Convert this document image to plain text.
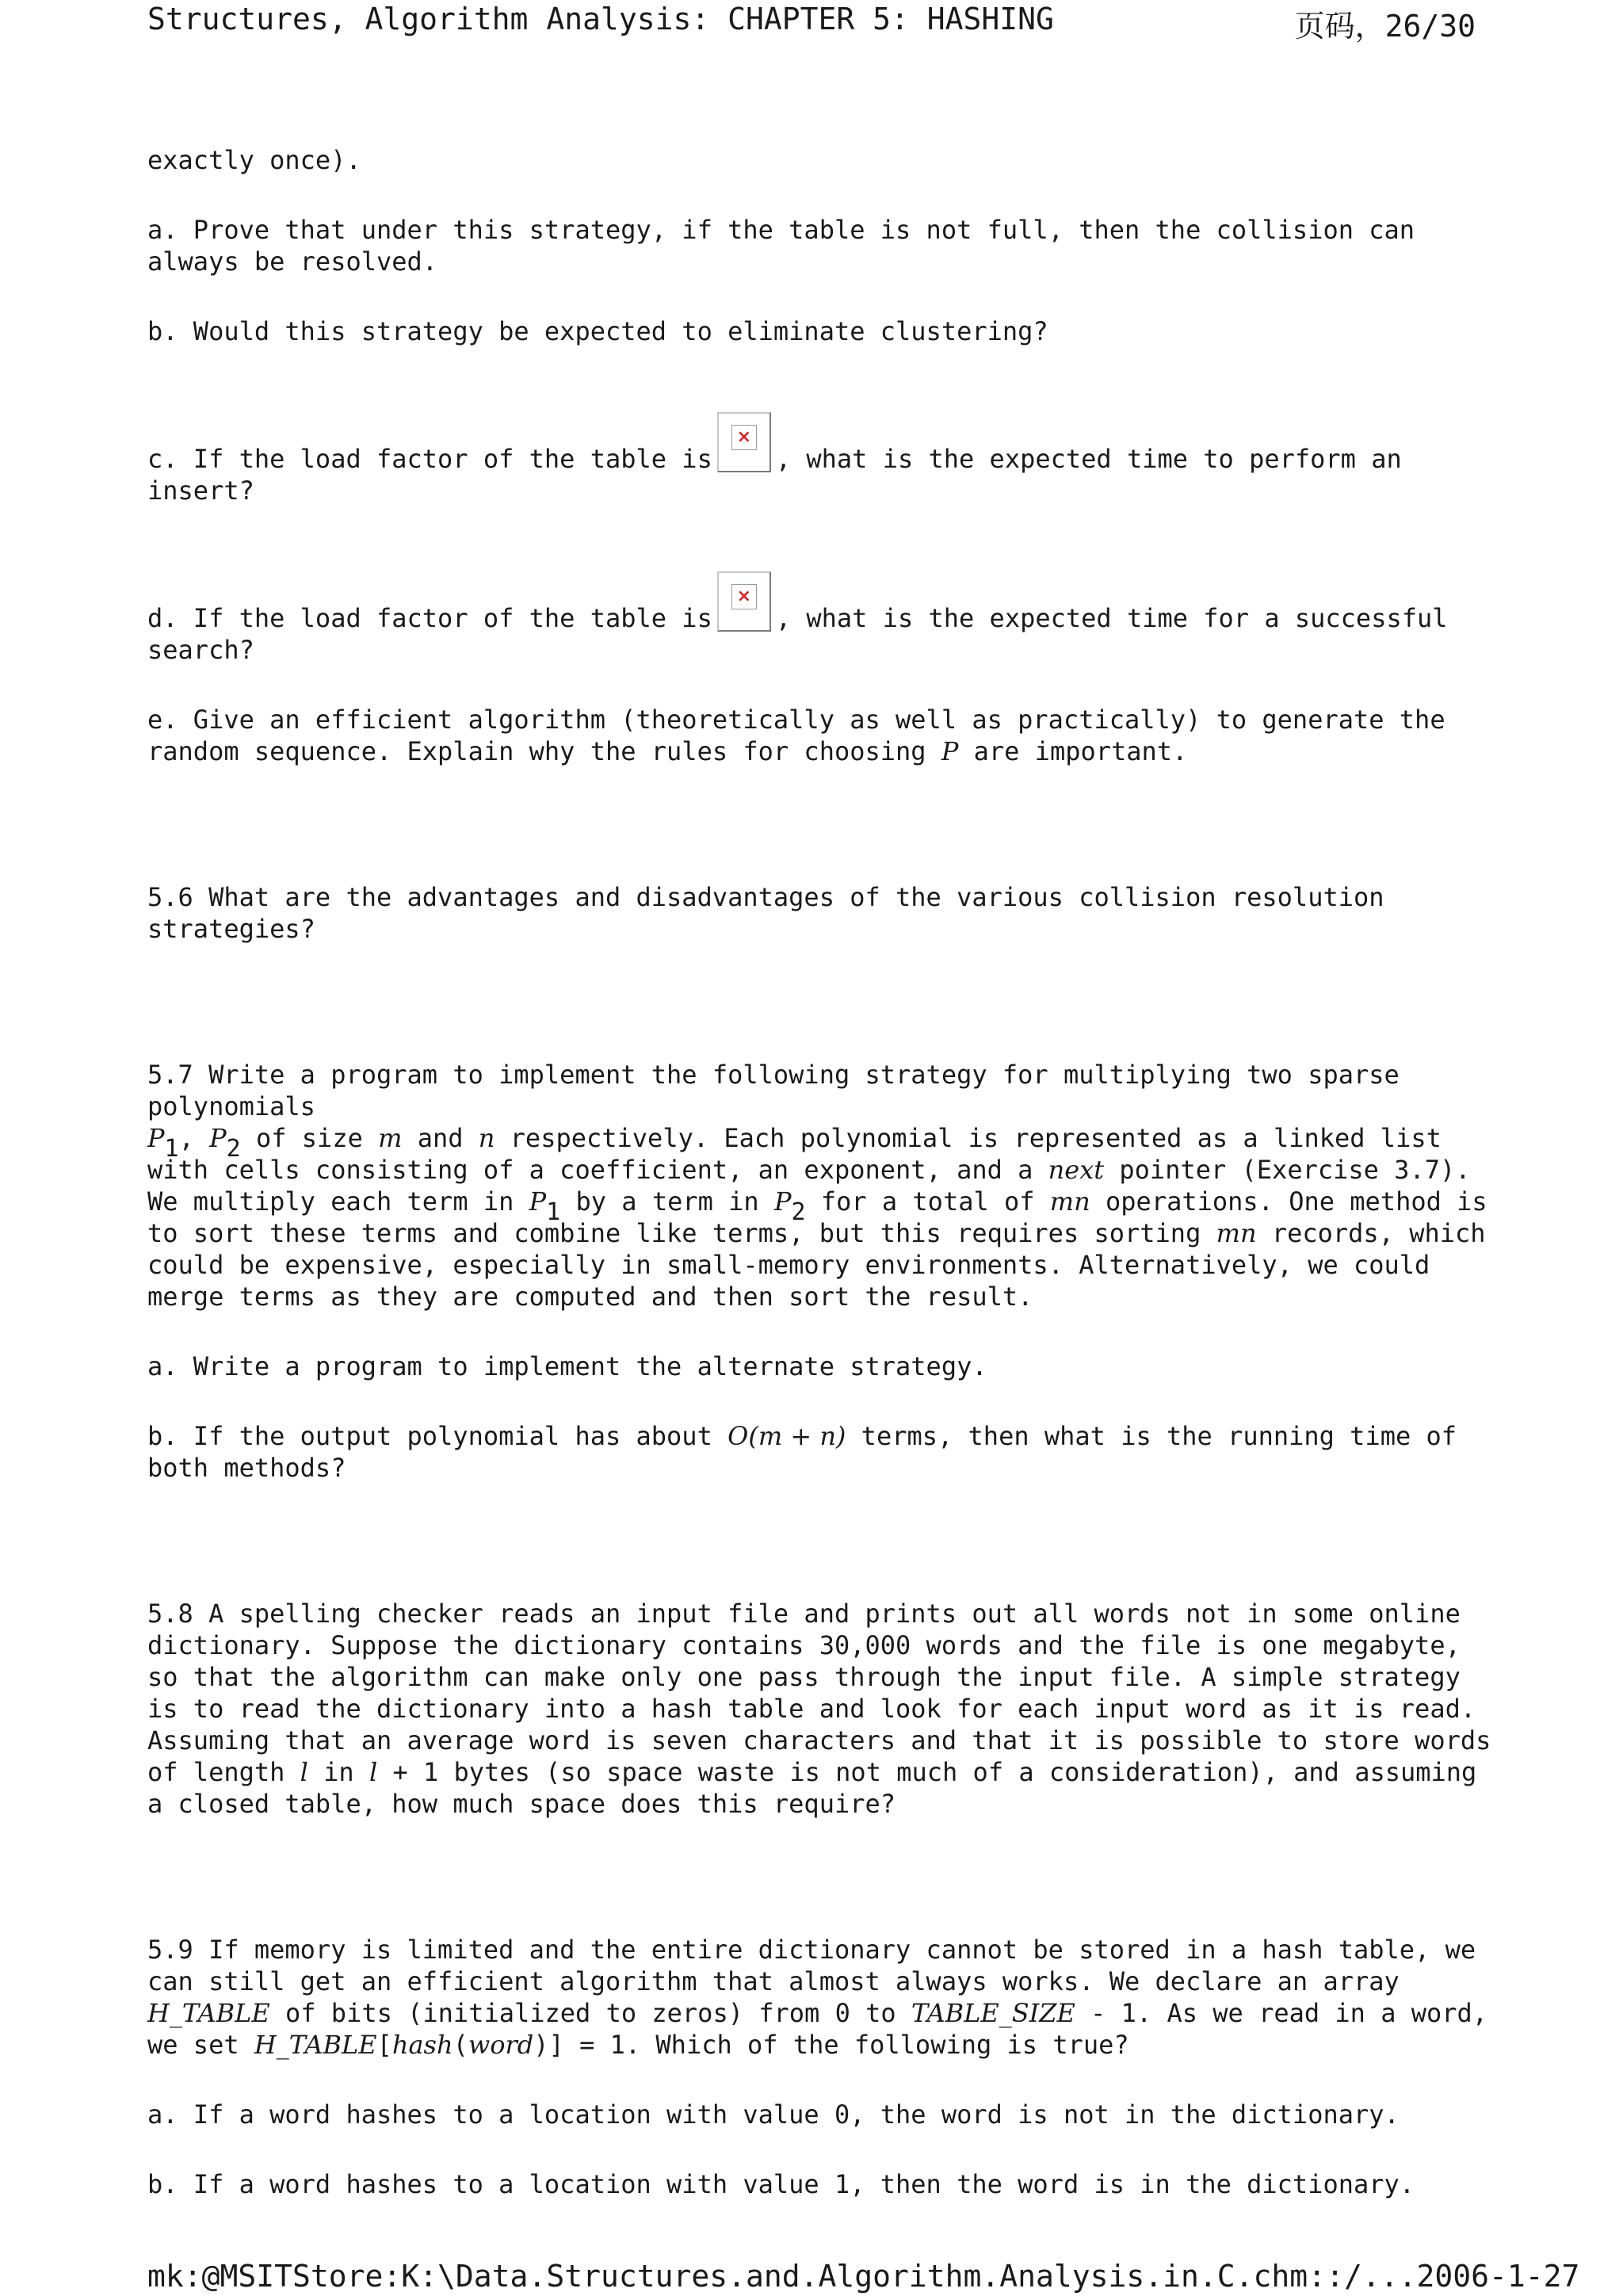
Structures, Algorithm Analysis: CHAPTER 5: HASHING	页码，26/30

exactly once).

a. Prove that under this strategy, if the table is not full, then the collision can always be resolved.

b. Would this strategy be expected to eliminate clustering?

c. If the load factor of the table is
×
, what is the expected time to perform an insert?
d. If the load factor of the table is
×
, what is the expected time for a successful search?

e. Give an efficient algorithm (theoretically as well as practically) to generate the random sequence. Explain why the rules for choosing P are important.

5.6 What are the advantages and disadvantages of the various collision resolution strategies?

5.7 Write a program to implement the following strategy for multiplying two sparse polynomials
$P_1$, $P_2$ of size m and n respectively. Each polynomial is represented as a linked list with cells consisting of a coefficient, an exponent, and a next pointer (Exercise 3.7). We multiply each term in $P_1$ by a term in $P_2$ for a total of mn operations. One method is to sort these terms and combine like terms, but this requires sorting mn records, which could be expensive, especially in small-memory environments. Alternatively, we could merge terms as they are computed and then sort the result.

a. Write a program to implement the alternate strategy.

b. If the output polynomial has about O(m + n) terms, then what is the running time of both methods?

5.8 A spelling checker reads an input file and prints out all words not in some online dictionary. Suppose the dictionary contains 30,000 words and the file is one megabyte, so that the algorithm can make only one pass through the input file. A simple strategy is to read the dictionary into a hash table and look for each input word as it is read. Assuming that an average word is seven characters and that it is possible to store words of length l in l + 1 bytes (so space waste is not much of a consideration), and assuming a closed table, how much space does this require?

5.9 If memory is limited and the entire dictionary cannot be stored in a hash table, we can still get an efficient algorithm that almost always works. We declare an array H_TABLE of bits (initialized to zeros) from 0 to TABLE_SIZE - 1. As we read in a word, we set H_TABLE[hash(word)] = 1. Which of the following is true?

a. If a word hashes to a location with value 0, the word is not in the dictionary.

b. If a word hashes to a location with value 1, then the word is in the dictionary.

mk:@MSITStore:K:\Data.Structures.and.Algorithm.Analysis.in.C.chm::/... 2006-1-27
